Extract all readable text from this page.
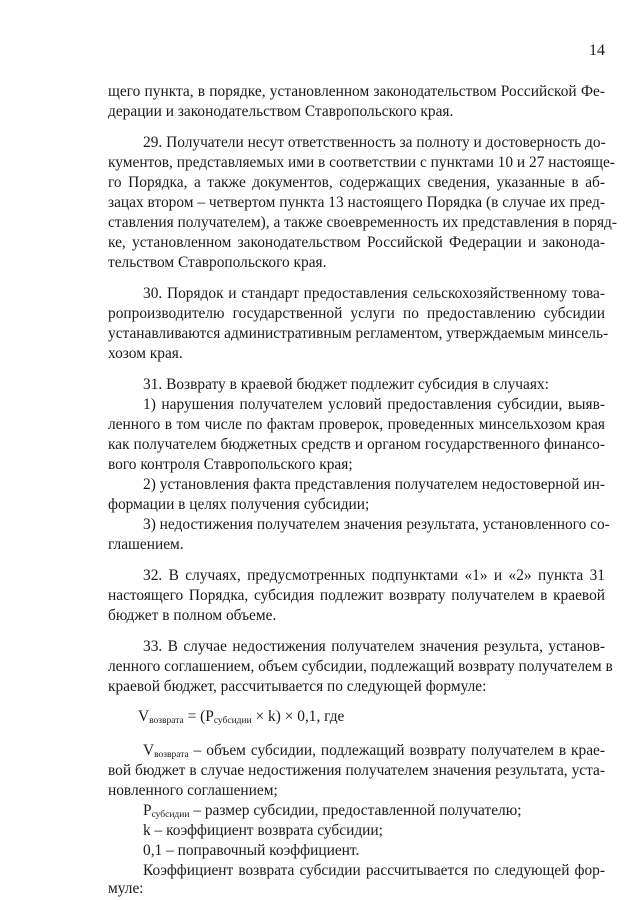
14
щего пункта, в порядке, установленном законодательством Российской Фе-
дерации и законодательством Ставропольского края.
29. Получатели несут ответственность за полноту и достоверность до-
кументов, представляемых ими в соответствии с пунктами 10 и 27 настояще-
го Порядка, а также документов, содержащих сведения, указанные в аб-
зацах втором – четвертом пункта 13 настоящего Порядка (в случае их пред-
ставления получателем), а также своевременность их представления в поряд-
ке, установленном законодательством Российской Федерации и законода-
тельством Ставропольского края.
30. Порядок и стандарт предоставления сельскохозяйственному това-
ропроизводителю государственной услуги по предоставлению субсидии
устанавливаются административным регламентом, утверждаемым минсель-
хозом края.
31. Возврату в краевой бюджет подлежит субсидия в случаях:
1) нарушения получателем условий предоставления субсидии, выяв-
ленного в том числе по фактам проверок, проведенных минсельхозом края
как получателем бюджетных средств и органом государственного финансо-
вого контроля Ставропольского края;
2) установления факта представления получателем недостоверной ин-
формации в целях получения субсидии;
3) недостижения получателем значения результата, установленного со-
глашением.
32. В случаях, предусмотренных подпунктами «1» и «2» пункта 31
настоящего Порядка, субсидия подлежит возврату получателем в краевой
бюджет в полном объеме.
33. В случае недостижения получателем значения результа, установ-
ленного соглашением, объем субсидии, подлежащий возврату получателем в
краевой бюджет, рассчитывается по следующей формуле:
$V_{возврата} = (P_{субсидии} \times k) \times 0,1$, где
$V_{возврата}$ – объем субсидии, подлежащий возврату получателем в крае-
вой бюджет в случае недостижения получателем значения результата, уста-
новленного соглашением;
$P_{субсидии}$ – размер субсидии, предоставленной получателю;
k – коэффициент возврата субсидии;
0,1 – поправочный коэффициент.
Коэффициент возврата субсидии рассчитывается по следующей фор-
муле:
